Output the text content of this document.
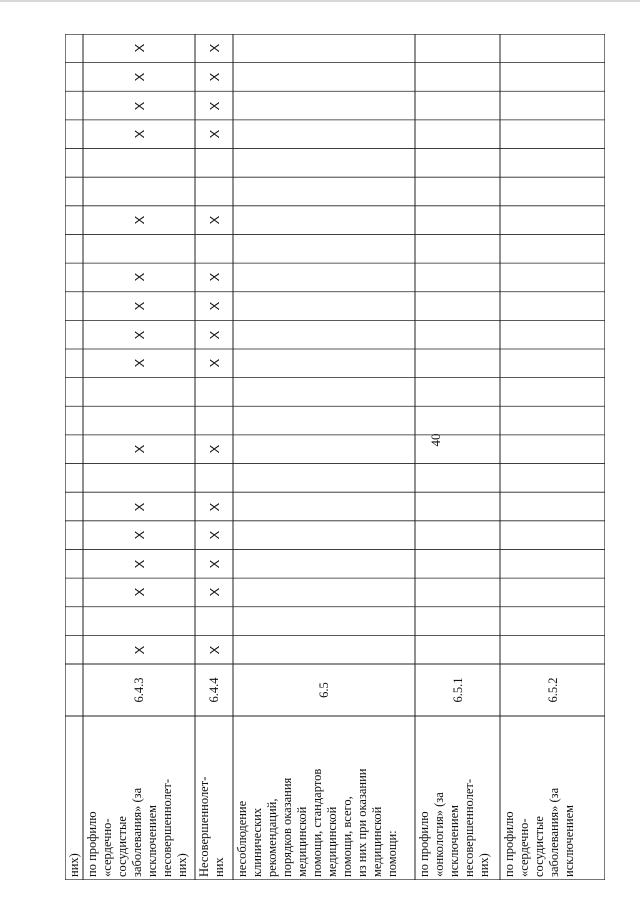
40
них) по профилю
«сердечно-
сосудистые
заболевания» (за
исключением
несовершеннолет-
них)
6.4.3
Х
Х
Х
Х
Х
Х
Х
Х
Х
Х
Х
Х
Х
Х
Х
Несовершеннолет-
них
6.4.4
Х
Х
Х
Х
Х
Х
Х
Х
Х
Х
Х
Х
Х
Х
Х
несоблюдение
клинических
рекомендаций,
порядков оказания
медицинской
помощи, стандартов
медицинской
помощи, всего,
из них при оказании
медицинской
помощи:
6.5
по профилю
«онкология» (за
исключением
несовершеннолет-
них)
6.5.1
по профилю
«сердечно-
сосудистые
заболевания» (за
исключением
6.5.2
